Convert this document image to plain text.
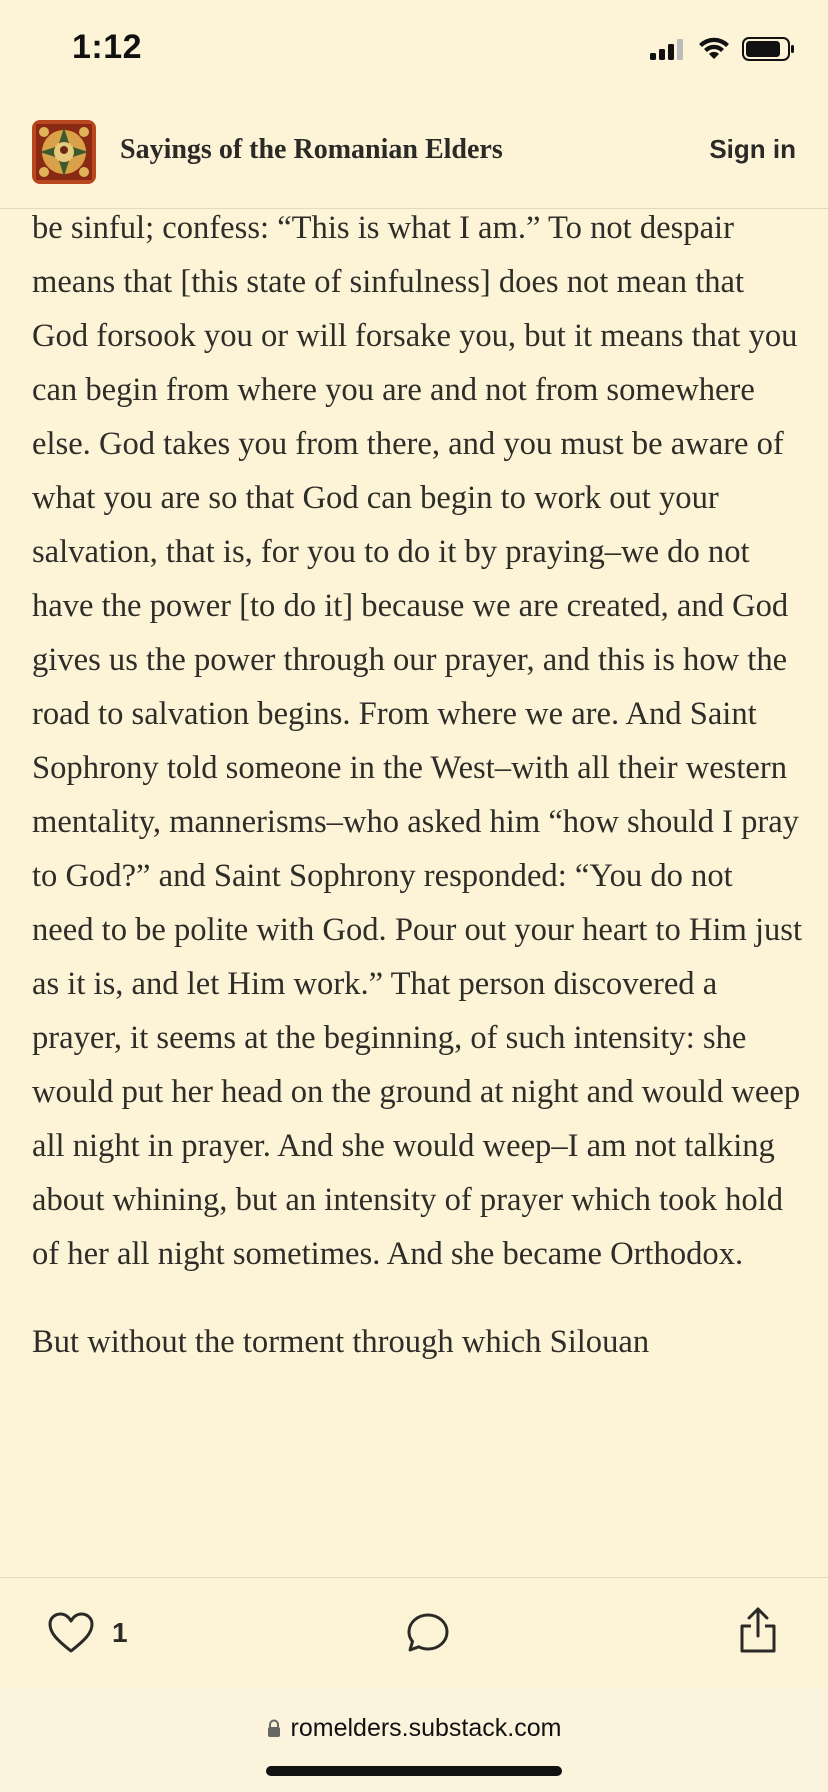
1:12
Sayings of the Romanian Elders	Sign in

be sinful; confess: “This is what I am.” To not despair means that [this state of sinfulness] does not mean that God forsook you or will forsake you, but it means that you can begin from where you are and not from somewhere else. God takes you from there, and you must be aware of what you are so that God can begin to work out your salvation, that is, for you to do it by praying–we do not have the power [to do it] because we are created, and God gives us the power through our prayer, and this is how the road to salvation begins. From where we are. And Saint Sophrony told someone in the West–with all their western mentality, mannerisms–who asked him “how should I pray to God?” and Saint Sophrony responded: “You do not need to be polite with God. Pour out your heart to Him just as it is, and let Him work.” That person discovered a prayer, it seems at the beginning, of such intensity: she would put her head on the ground at night and would weep all night in prayer. And she would weep–I am not talking about whining, but an intensity of prayer which took hold of her all night sometimes. And she became Orthodox.

But without the torment through which Silouan

1
romelders.substack.com
